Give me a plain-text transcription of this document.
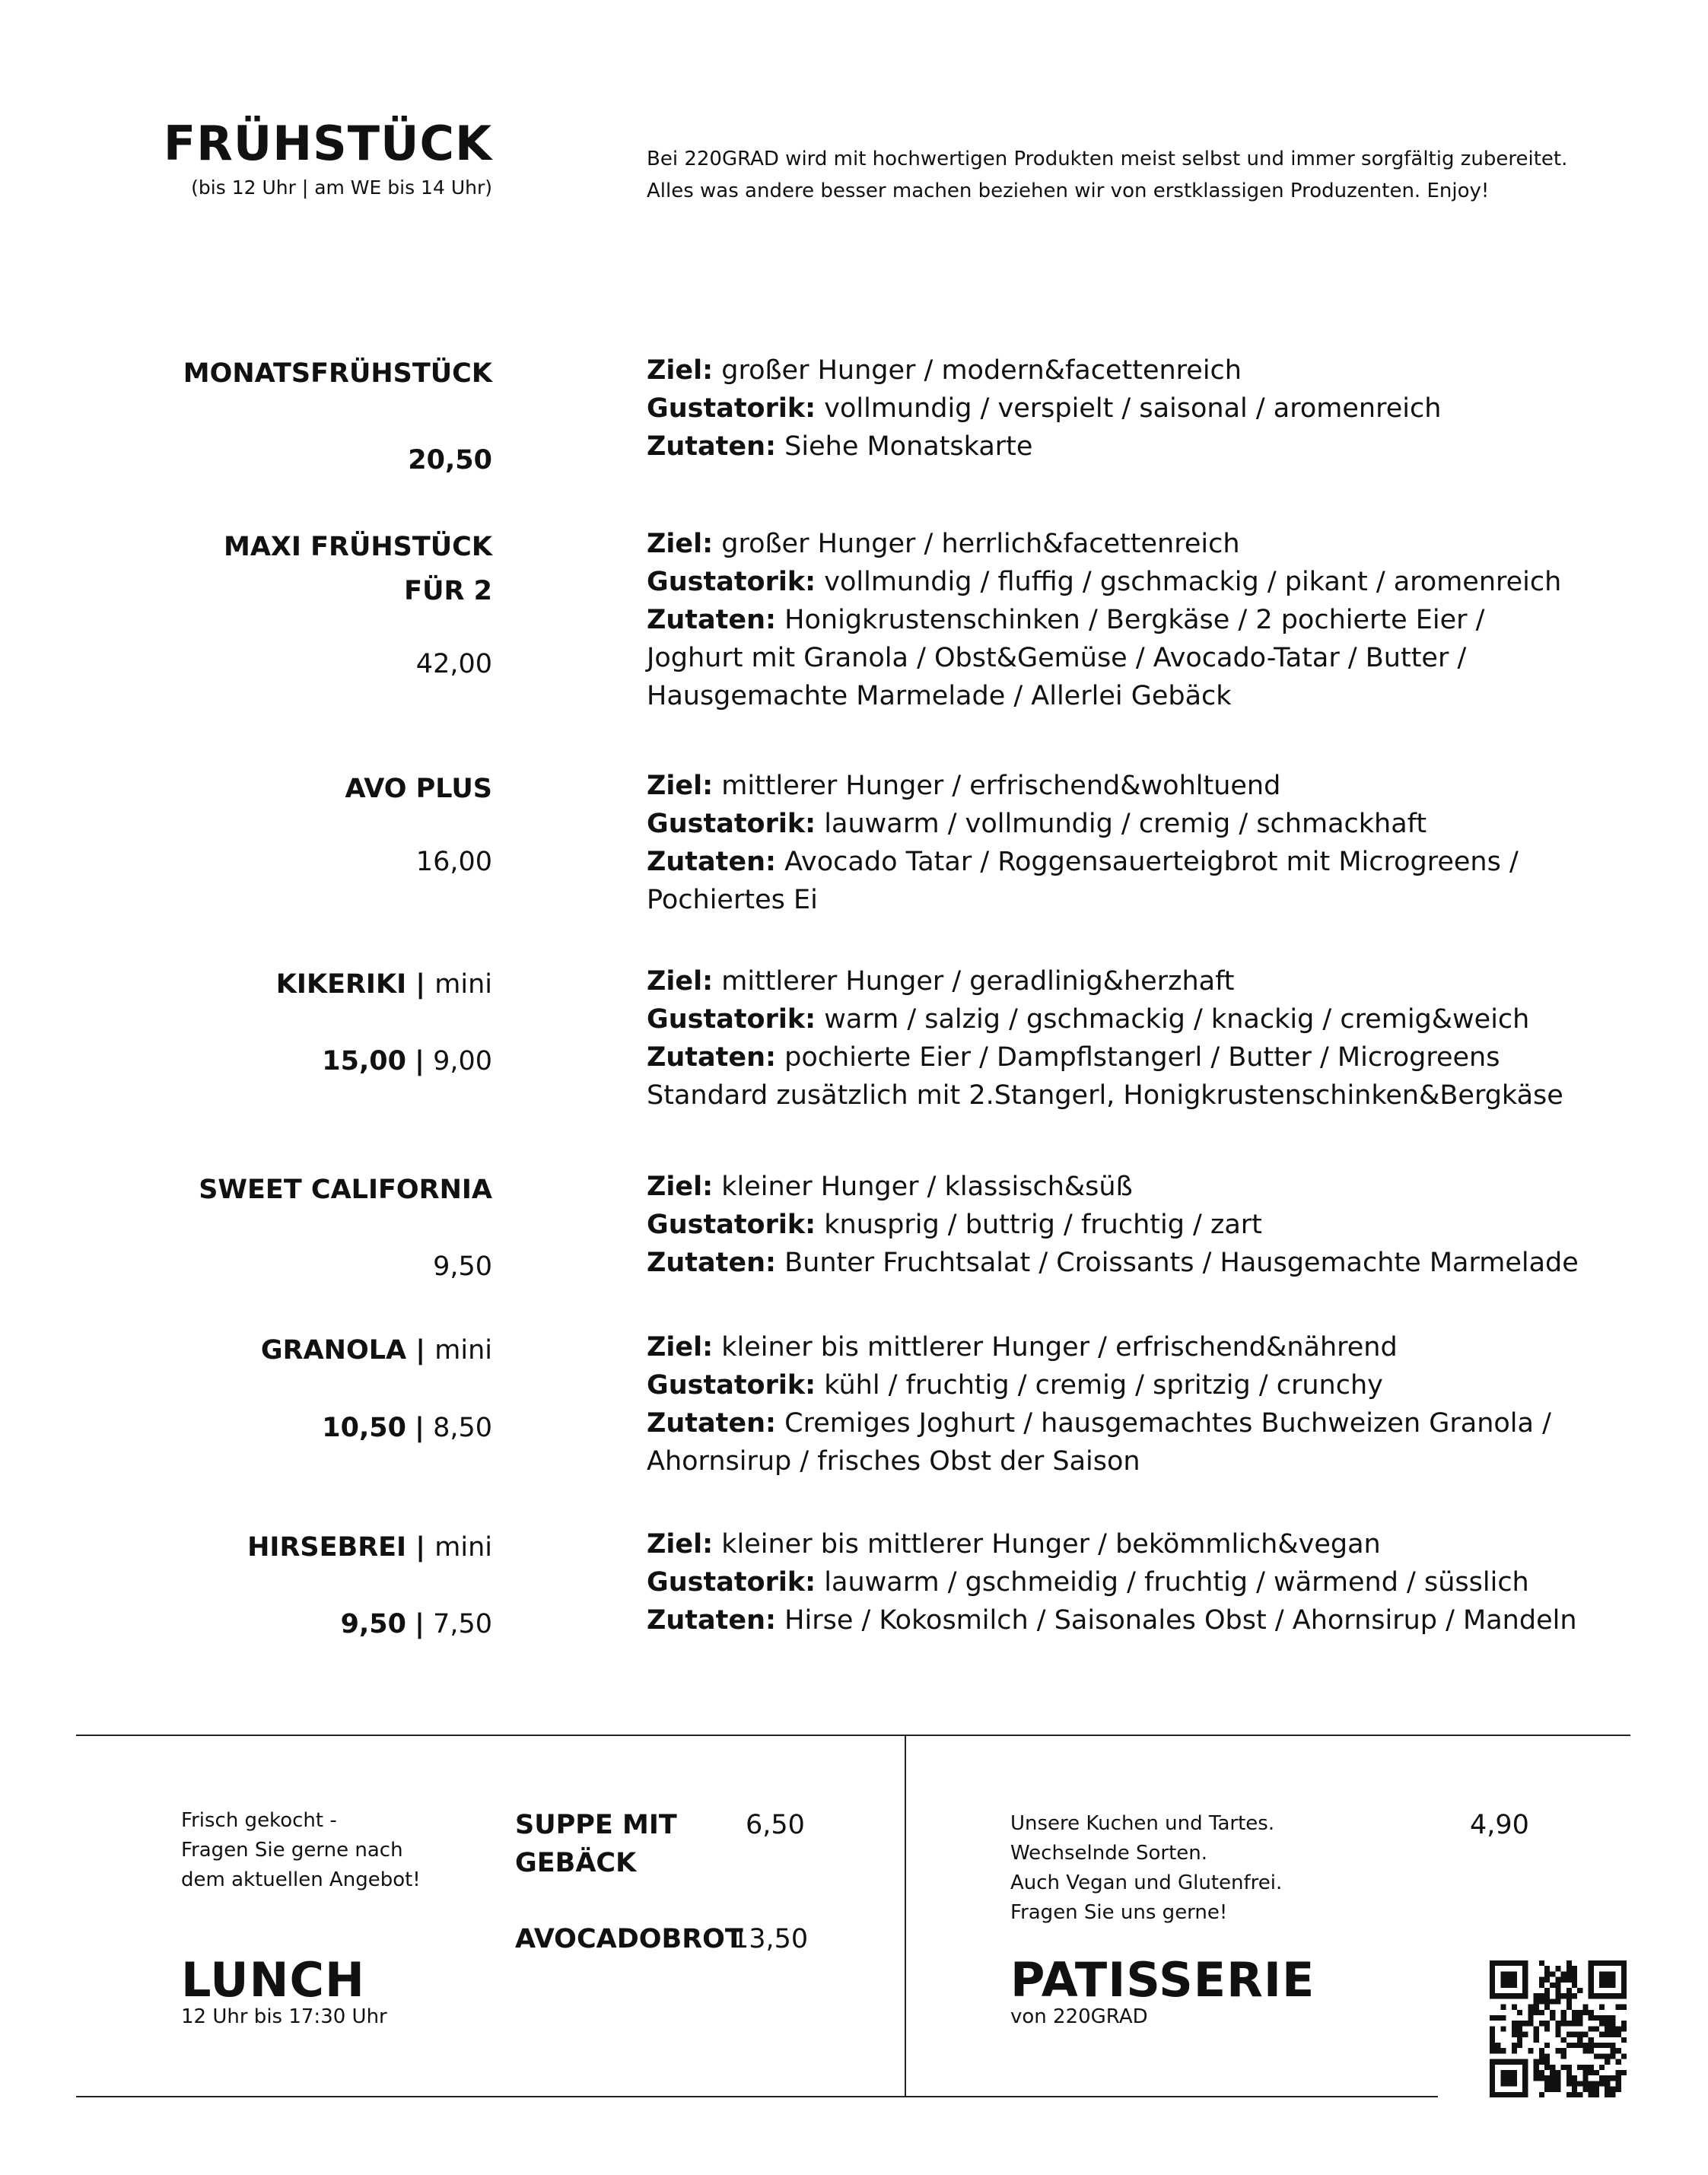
FRÜHSTÜCK
(bis 12 Uhr | am WE bis 14 Uhr)
Bei 220GRAD wird mit hochwertigen Produkten meist selbst und immer sorgfältig zubereitet.
Alles was andere besser machen beziehen wir von erstklassigen Produzenten. Enjoy!
MONATSFRÜHSTÜCK
20,50
Ziel: großer Hunger / modern&facettenreich
Gustatorik: vollmundig / verspielt / saisonal / aromenreich
Zutaten: Siehe Monatskarte
MAXI FRÜHSTÜCK
FÜR 2
42,00
Ziel: großer Hunger / herrlich&facettenreich
Gustatorik: vollmundig / fluffig / gschmackig / pikant / aromenreich
Zutaten: Honigkrustenschinken / Bergkäse / 2 pochierte Eier /
Joghurt mit Granola / Obst&Gemüse / Avocado-Tatar / Butter /
Hausgemachte Marmelade / Allerlei Gebäck
AVO PLUS
16,00
Ziel: mittlerer Hunger / erfrischend&wohltuend
Gustatorik: lauwarm / vollmundig / cremig / schmackhaft
Zutaten: Avocado Tatar / Roggensauerteigbrot mit Microgreens /
Pochiertes Ei
KIKERIKI | mini
15,00 | 9,00
Ziel: mittlerer Hunger / geradlinig&herzhaft
Gustatorik: warm / salzig / gschmackig / knackig / cremig&weich
Zutaten: pochierte Eier / Dampflstangerl / Butter / Microgreens
Standard zusätzlich mit 2.Stangerl, Honigkrustenschinken&Bergkäse
SWEET CALIFORNIA
9,50
Ziel: kleiner Hunger / klassisch&süß
Gustatorik: knusprig / buttrig / fruchtig / zart
Zutaten: Bunter Fruchtsalat / Croissants / Hausgemachte Marmelade
GRANOLA | mini
10,50 | 8,50
Ziel: kleiner bis mittlerer Hunger / erfrischend&nährend
Gustatorik: kühl / fruchtig / cremig / spritzig / crunchy
Zutaten: Cremiges Joghurt / hausgemachtes Buchweizen Granola /
Ahornsirup / frisches Obst der Saison
HIRSEBREI | mini
9,50 | 7,50
Ziel: kleiner bis mittlerer Hunger / bekömmlich&vegan
Gustatorik: lauwarm / gschmeidig / fruchtig / wärmend / süsslich
Zutaten: Hirse / Kokosmilch / Saisonales Obst / Ahornsirup / Mandeln
Frisch gekocht -
Fragen Sie gerne nach
dem aktuellen Angebot!
LUNCH
12 Uhr bis 17:30 Uhr
SUPPE MIT
GEBÄCK
6,50
AVOCADOBROT
13,50
Unsere Kuchen und Tartes.
Wechselnde Sorten.
Auch Vegan und Glutenfrei.
Fragen Sie uns gerne!
4,90
PATISSERIE
von 220GRAD
